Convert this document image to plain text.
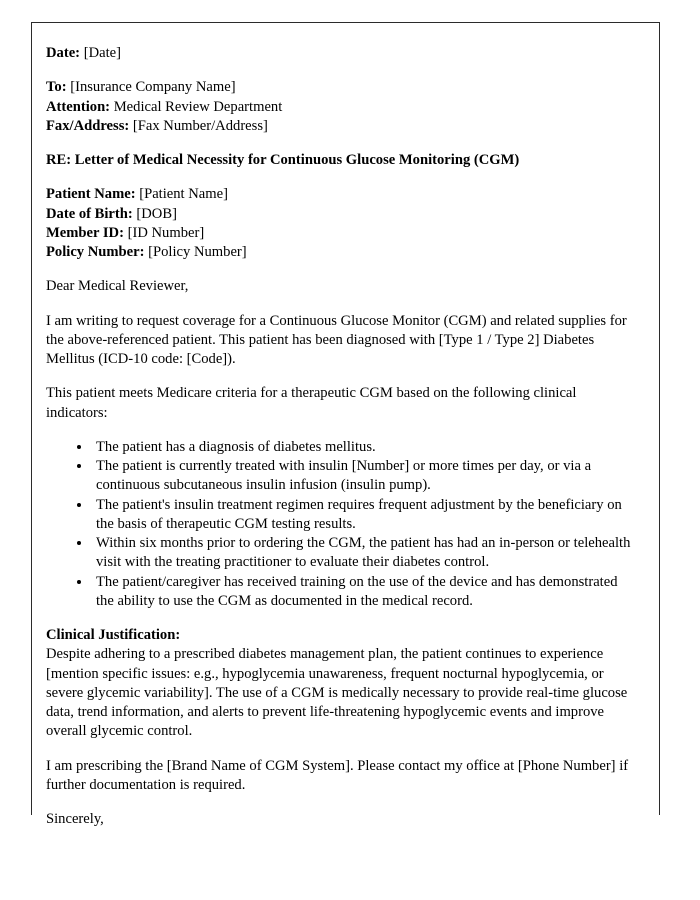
Date: [Date]

To: [Insurance Company Name]

Attention: Medical Review Department

Fax/Address: [Fax Number/Address]

RE: Letter of Medical Necessity for Continuous Glucose Monitoring (CGM)

Patient Name: [Patient Name]

Date of Birth: [DOB]

Member ID: [ID Number]

Policy Number: [Policy Number]

Dear Medical Reviewer,

I am writing to request coverage for a Continuous Glucose Monitor (CGM) and related supplies for the above-referenced patient. This patient has been diagnosed with [Type 1 / Type 2] Diabetes Mellitus (ICD-10 code: [Code]).

This patient meets Medicare criteria for a therapeutic CGM based on the following clinical indicators:

• The patient has a diagnosis of diabetes mellitus.
• The patient is currently treated with insulin [Number] or more times per day, or via a continuous subcutaneous insulin infusion (insulin pump).
• The patient's insulin treatment regimen requires frequent adjustment by the beneficiary on the basis of therapeutic CGM testing results.
• Within six months prior to ordering the CGM, the patient has had an in-person or telehealth visit with the treating practitioner to evaluate their diabetes control.
• The patient/caregiver has received training on the use of the device and has demonstrated the ability to use the CGM as documented in the medical record.

Clinical Justification:

Despite adhering to a prescribed diabetes management plan, the patient continues to experience [mention specific issues: e.g., hypoglycemia unawareness, frequent nocturnal hypoglycemia, or severe glycemic variability]. The use of a CGM is medically necessary to provide real-time glucose data, trend information, and alerts to prevent life-threatening hypoglycemic events and improve overall glycemic control.

I am prescribing the [Brand Name of CGM System]. Please contact my office at [Phone Number] if further documentation is required.

Sincerely,
